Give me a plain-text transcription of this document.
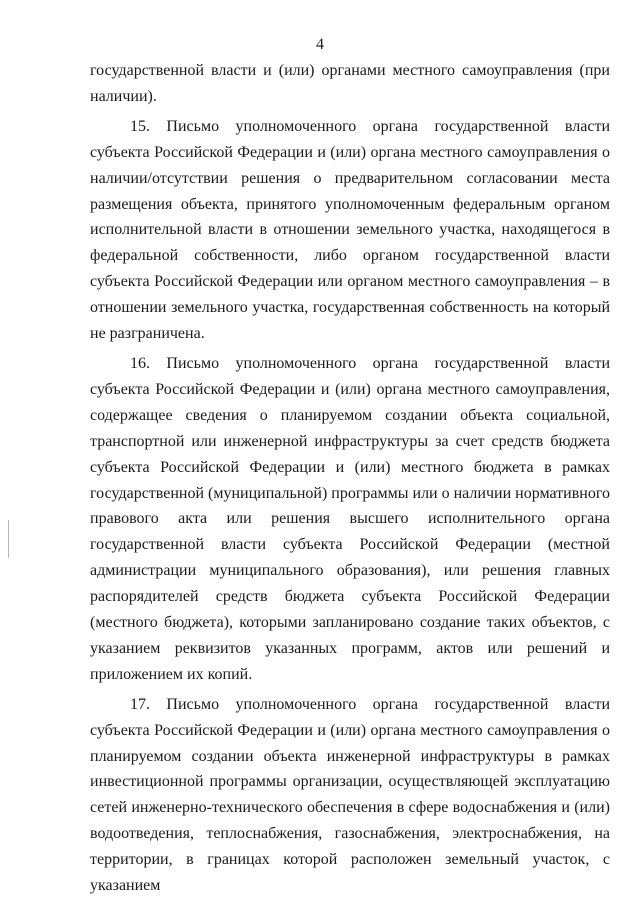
4

государственной власти и (или) органами местного самоуправления (при наличии).

15. Письмо уполномоченного органа государственной власти субъекта Российской Федерации и (или) органа местного самоуправления о наличии/отсутствии решения о предварительном согласовании места размещения объекта, принятого уполномоченным федеральным органом исполнительной власти в отношении земельного участка, находящегося в федеральной собственности, либо органом государственной власти субъекта Российской Федерации или органом местного самоуправления – в отношении земельного участка, государственная собственность на который не разграничена.

16. Письмо уполномоченного органа государственной власти субъекта Российской Федерации и (или) органа местного самоуправления, содержащее сведения о планируемом создании объекта социальной, транспортной или инженерной инфраструктуры за счет средств бюджета субъекта Российской Федерации и (или) местного бюджета в рамках государственной (муниципальной) программы или о наличии нормативного правового акта или решения высшего исполнительного органа государственной власти субъекта Российской Федерации (местной администрации муниципального образования), или решения главных распорядителей средств бюджета субъекта Российской Федерации (местного бюджета), которыми запланировано создание таких объектов, с указанием реквизитов указанных программ, актов или решений и приложением их копий.

17. Письмо уполномоченного органа государственной власти субъекта Российской Федерации и (или) органа местного самоуправления о планируемом создании объекта инженерной инфраструктуры в рамках инвестиционной программы организации, осуществляющей эксплуатацию сетей инженерно-технического обеспечения в сфере водоснабжения и (или) водоотведения, теплоснабжения, газоснабжения, электроснабжения, на территории, в границах которой расположен земельный участок, с указанием
